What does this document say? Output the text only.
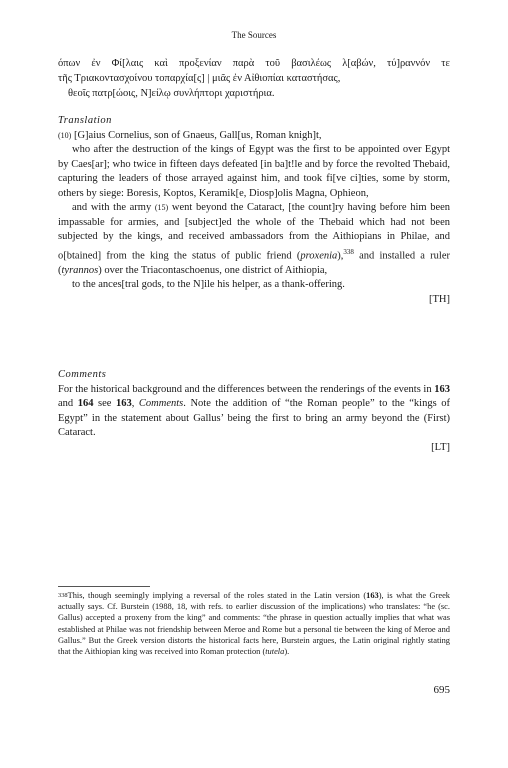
The Sources
όπων ἐν Φί[λαις καὶ προξενίαν παρὰ τοῦ βασιλέως λ[αβών, τύ]ραννόν τε
τῆς Τριακοντασχοίνου τοπαρχία[ς] | μιᾶς ἐν Αἰθιοπίαι καταστήσας,
θεοῖς πατρ[ώοις, Ν]είλῳ συνλήπτορι χαριστήρια.
Translation
(10) [G]aius Cornelius, son of Gnaeus, Gall[us, Roman knigh]t,
who after the destruction of the kings of Egypt was the first to be appointed over Egypt by Caes[ar]; who twice in fifteen days defeated [in ba]t!le and by force the revolted Thebaid, capturing the leaders of those arrayed against him, and took fi[ve ci]ties, some by storm, others by siege: Boresis, Koptos, Keramik[e, Diosp]olis Magna, Ophieon,
and with the army (15) went beyond the Cataract, [the count]ry having before him been impassable for armies, and [subject]ed the whole of the Thebaid which had not been subjected by the kings, and received ambassadors from the Aithiopians in Philae, and o[btained] from the king the status of public friend (proxenia),$^{338}$ and installed a ruler (tyrannos) over the Triacontaschoenus, one district of Aithiopia,
to the ances[tral gods, to the N]ile his helper, as a thank-offering.
[TH]
Comments
For the historical background and the differences between the renderings of the events in 163 and 164 see 163, Comments. Note the addition of “the Roman people” to the “kings of Egypt” in the statement about Gallus’ being the first to bring an army beyond the (First) Cataract.
[LT]
$^{338}$This, though seemingly implying a reversal of the roles stated in the Latin version (163), is what the Greek actually says. Cf. Burstein (1988, 18, with refs. to earlier discussion of the implications) who translates: “he (sc. Gallus) accepted a proxeny from the king” and comments: “the phrase in question actually implies that what was established at Philae was not friendship between Meroe and Rome but a personal tie between the king of Meroe and Gallus.” But the Greek version distorts the historical facts here, Burstein argues, the Latin original rightly stating that the Aithiopian king was received into Roman protection (tutela).
695
